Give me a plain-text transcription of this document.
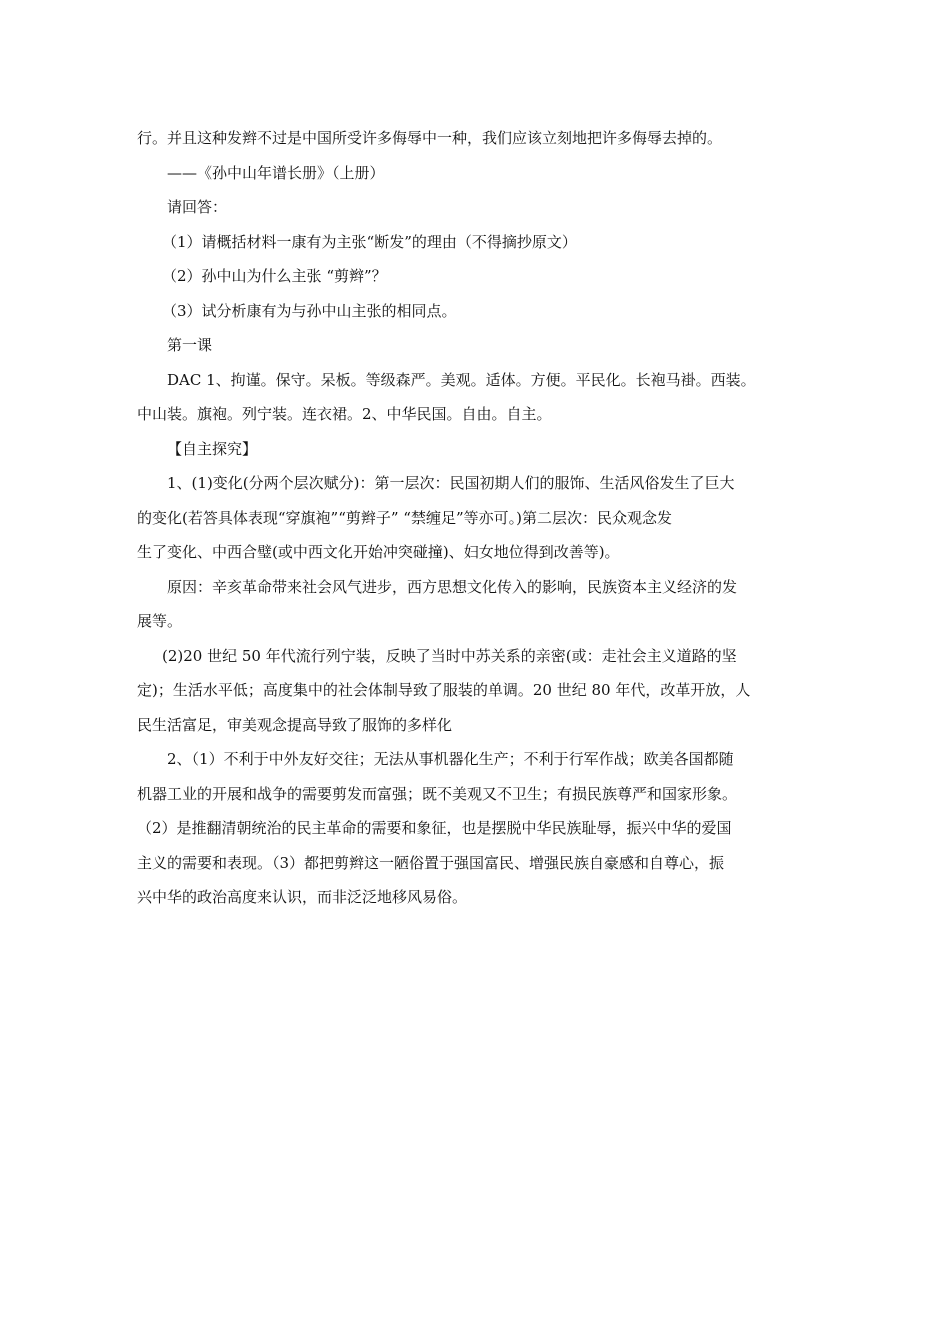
行。并且这种发辫不过是中国所受许多侮辱中一种，我们应该立刻地把许多侮辱去掉的。
——《孙中山年谱长册》（上册）
请回答：
（1）请概括材料一康有为主张“断发”的理由（不得摘抄原文）
（2）孙中山为什么主张 “剪辫”？
（3）试分析康有为与孙中山主张的相同点。
第一课
DAC 1、拘谨。保守。呆板。等级森严。美观。适体。方便。平民化。长袍马褂。西装。
中山装。旗袍。列宁装。连衣裙。2、中华民国。自由。自主。
【自主探究】
1、(1)变化(分两个层次赋分)：第一层次：民国初期人们的服饰、生活风俗发生了巨大
的变化(若答具体表现“穿旗袍”“剪辫子” “禁缠足”等亦可。)第二层次：民众观念发
生了变化、中西合璧(或中西文化开始冲突碰撞)、妇女地位得到改善等)。
原因：辛亥革命带来社会风气进步，西方思想文化传入的影响，民族资本主义经济的发
展等。
(2)20 世纪 50 年代流行列宁装，反映了当时中苏关系的亲密(或：走社会主义道路的坚
定)；生活水平低；高度集中的社会体制导致了服装的单调。20 世纪 80 年代，改革开放，人
民生活富足，审美观念提高导致了服饰的多样化
2、（1）不利于中外友好交往；无法从事机器化生产；不利于行军作战；欧美各国都随
机器工业的开展和战争的需要剪发而富强；既不美观又不卫生；有损民族尊严和国家形象。
（2）是推翻清朝统治的民主革命的需要和象征，也是摆脱中华民族耻辱，振兴中华的爱国
主义的需要和表现。（3）都把剪辫这一陋俗置于强国富民、增强民族自豪感和自尊心，振
兴中华的政治高度来认识，而非泛泛地移风易俗。
